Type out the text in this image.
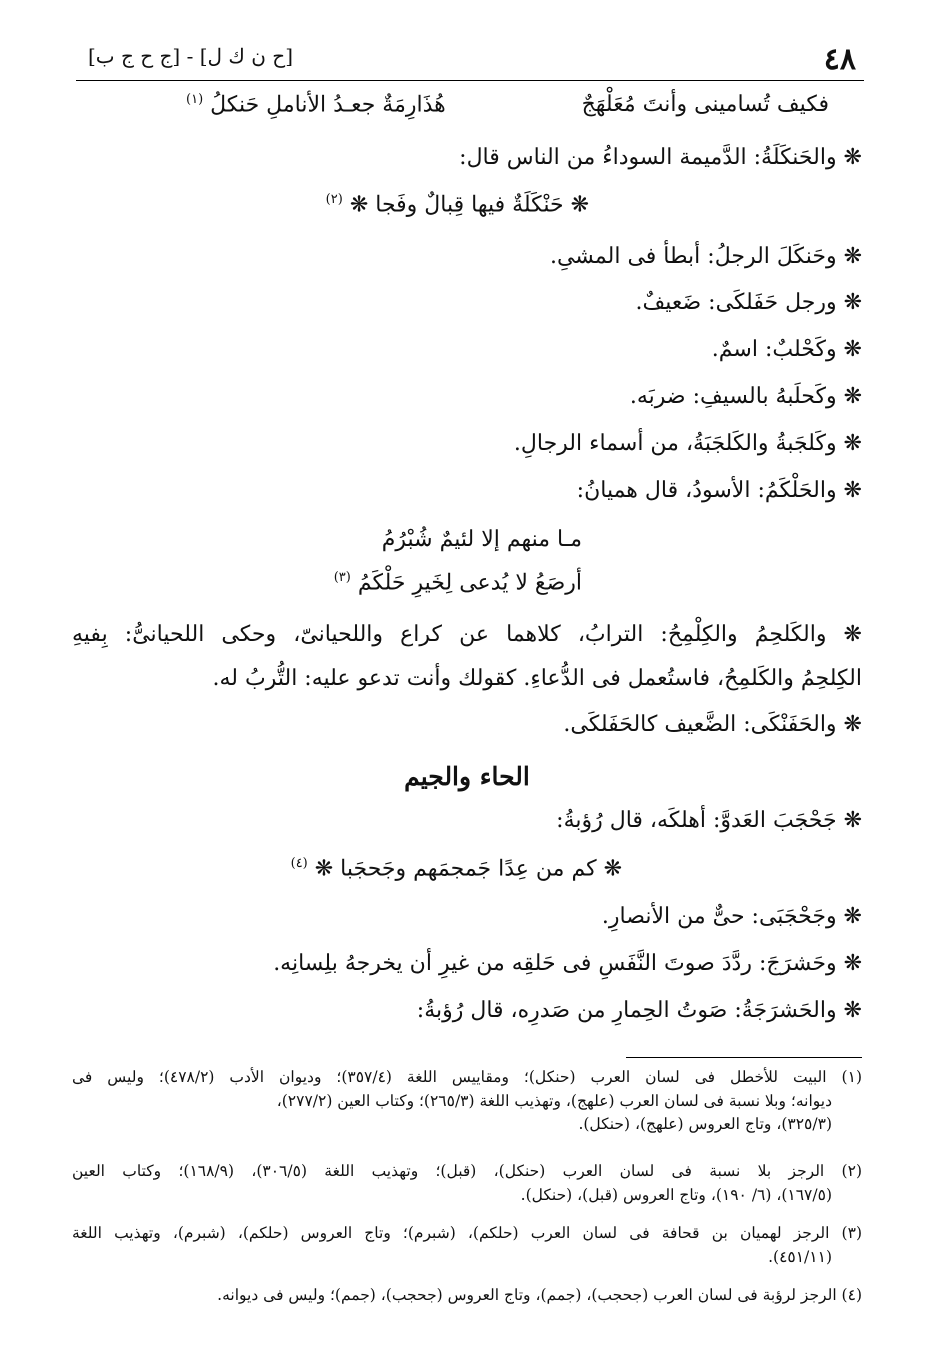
٤٨
[ح ن ك ل] - [ج ح ج ب]
فكيف تُسامينى وأنتَ مُعَلْهَجٌ
هُذَارِمَةٌ جعـدُ الأناملِ حَنكلُ $^{(١)}$
❋ والحَنكَلَةُ: الدَّميمة السوداءُ من الناس قال:
❋ حَنْكَلَةٌ فيها قِبالٌ وفَجا ❋ $^{(٢)}$
❋ وحَنكَلَ الرجلُ: أبطأ فى المشىِ.
❋ ورجل حَفَلكَى: ضَعيفٌ.
❋ وكَحْلبٌ: اسمٌ.
❋ وكَحلَبهُ بالسيفِ: ضربَه.
❋ وكَلجَبةُ والكَلجَبَةُ، من أسماء الرجالِ.
❋ والحَلْكَمُ: الأسودُ، قال هميانُ:
مـا منهم إلا لئيمٌ شُبْرُمُ
أرصَعُ لا يُدعى لِخَيرِ حَلْكَمُ $^{(٣)}$
❋ والكَلحِمُ والكِلْمِحُ: الترابُ، كلاهما عن كراع واللحيانىّ، وحكى اللحيانىُّ: بِفيهِ
الكِلحِمُ والكَلمِحُ، فاستُعمل فى الدُّعاءِ. كقولك وأنت تدعو عليه: التُّربُ له.
❋ والحَفَنْكَى: الضَّعيف كالحَفَلكَى.
الحاء والجيم
❋ جَحْجَبَ العَدوَّ: أهلكَه، قال رُؤبةُ:
❋ كم من عِدًا جَمجمَهم وجَحجَبا ❋ $^{(٤)}$
❋ وجَحْجَبَى: حىٌّ من الأنصارِ.
❋ وحَشرَجَ: ردَّدَ صوتَ النَّفَسِ فى حَلقِه من غيرِ أن يخرجهُ بلِسانِه.
❋ والحَشرَجَةُ: صَوتُ الحِمارِ من صَدرِه، قال رُؤبةُ:
(١) البيت للأخطل فى لسان العرب (حنكل)؛ ومقاييس اللغة (٣٥٧/٤)؛ وديوان الأدب (٤٧٨/٢)؛ وليس فى
ديوانه؛ وبلا نسبة فى لسان العرب (علهج)، وتهذيب اللغة (٢٦٥/٣)؛ وكتاب العين (٢٧٧/٢)،
(٣٢٥/٣)، وتاج العروس (علهج)، (حنكل).
(٢) الرجز بلا نسبة فى لسان العرب (حنكل)، (قبل)؛ وتهذيب اللغة (٣٠٦/٥)، (١٦٨/٩)؛ وكتاب العين
(١٦٧/٥)، (٦/ ١٩٠)، وتاج العروس (قبل)، (حنكل).
(٣) الرجز لهميان بن قحافة فى لسان العرب (حلكم)، (شبرم)؛ وتاج العروس (حلكم)، (شبرم)، وتهذيب اللغة
(٤٥١/١١).
(٤) الرجز لرؤبة فى لسان العرب (جحجب)، (جمم)، وتاج العروس (جحجب)، (جمم)؛ وليس فى ديوانه.
